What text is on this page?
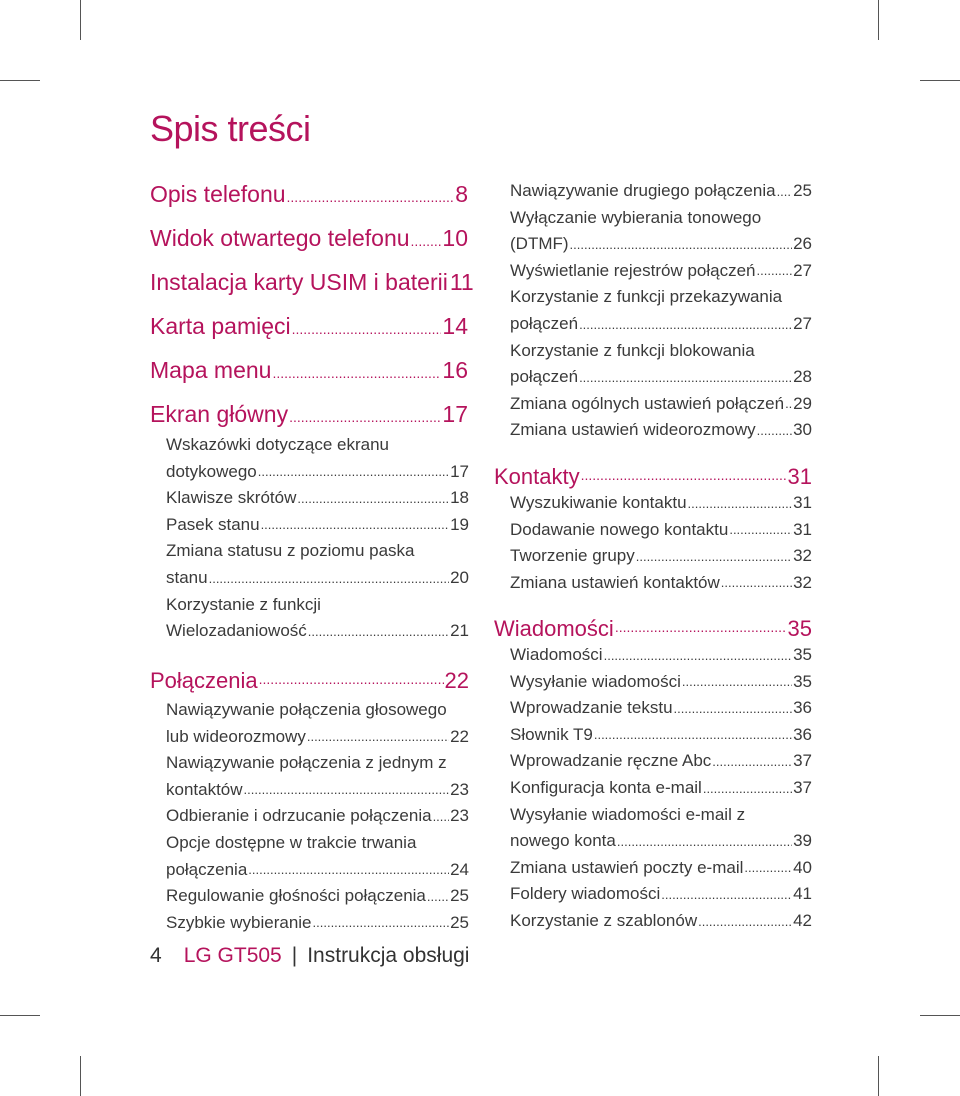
Spis treści
Opis telefonu .....	8
Widok otwartego telefonu ..... 10
Instalacja karty USIM i baterii 11
Karta pamięci .....	14
Mapa menu .....	16
Ekran główny .....	17
Wskazówki dotyczące ekranu
dotykowego .....	17
Klawisze skrótów .....	18
Pasek stanu .....	19
Zmiana statusu z poziomu paska
stanu .....	20
Korzystanie z funkcji
Wielozadaniowość .....	21
Połączenia .....	22
Nawiązywanie połączenia głosowego
lub wideorozmowy .....	22
Nawiązywanie połączenia z jednym z
kontaktów .....	23
Odbieranie i odrzucanie połączenia ..... 23
Opcje dostępne w trakcie trwania
połączenia .....	24
Regulowanie głośności połączenia ..... 25
Szybkie wybieranie .....	25
Nawiązywanie drugiego połączenia ..... 25
Wyłączanie wybierania tonowego
(DTMF) .....	26
Wyświetlanie rejestrów połączeń ..... 27
Korzystanie z funkcji przekazywania
połączeń .....	27
Korzystanie z funkcji blokowania
połączeń .....	28
Zmiana ogólnych ustawień połączeń ..... 29
Zmiana ustawień wideorozmowy ..... 30
Kontakty .....	31
Wyszukiwanie kontaktu .....	31
Dodawanie nowego kontaktu .....	31
Tworzenie grupy .....	32
Zmiana ustawień kontaktów .....	32
Wiadomości .....	35
Wiadomości .....	35
Wysyłanie wiadomości .....	35
Wprowadzanie tekstu .....	36
Słownik T9 .....	36
Wprowadzanie ręczne Abc .....	37
Konfiguracja konta e-mail .....	37
Wysyłanie wiadomości e-mail z
nowego konta .....	39
Zmiana ustawień poczty e-mail .....	40
Foldery wiadomości .....	41
Korzystanie z szablonów .....	42
4 LG GT505 | Instrukcja obsługi
